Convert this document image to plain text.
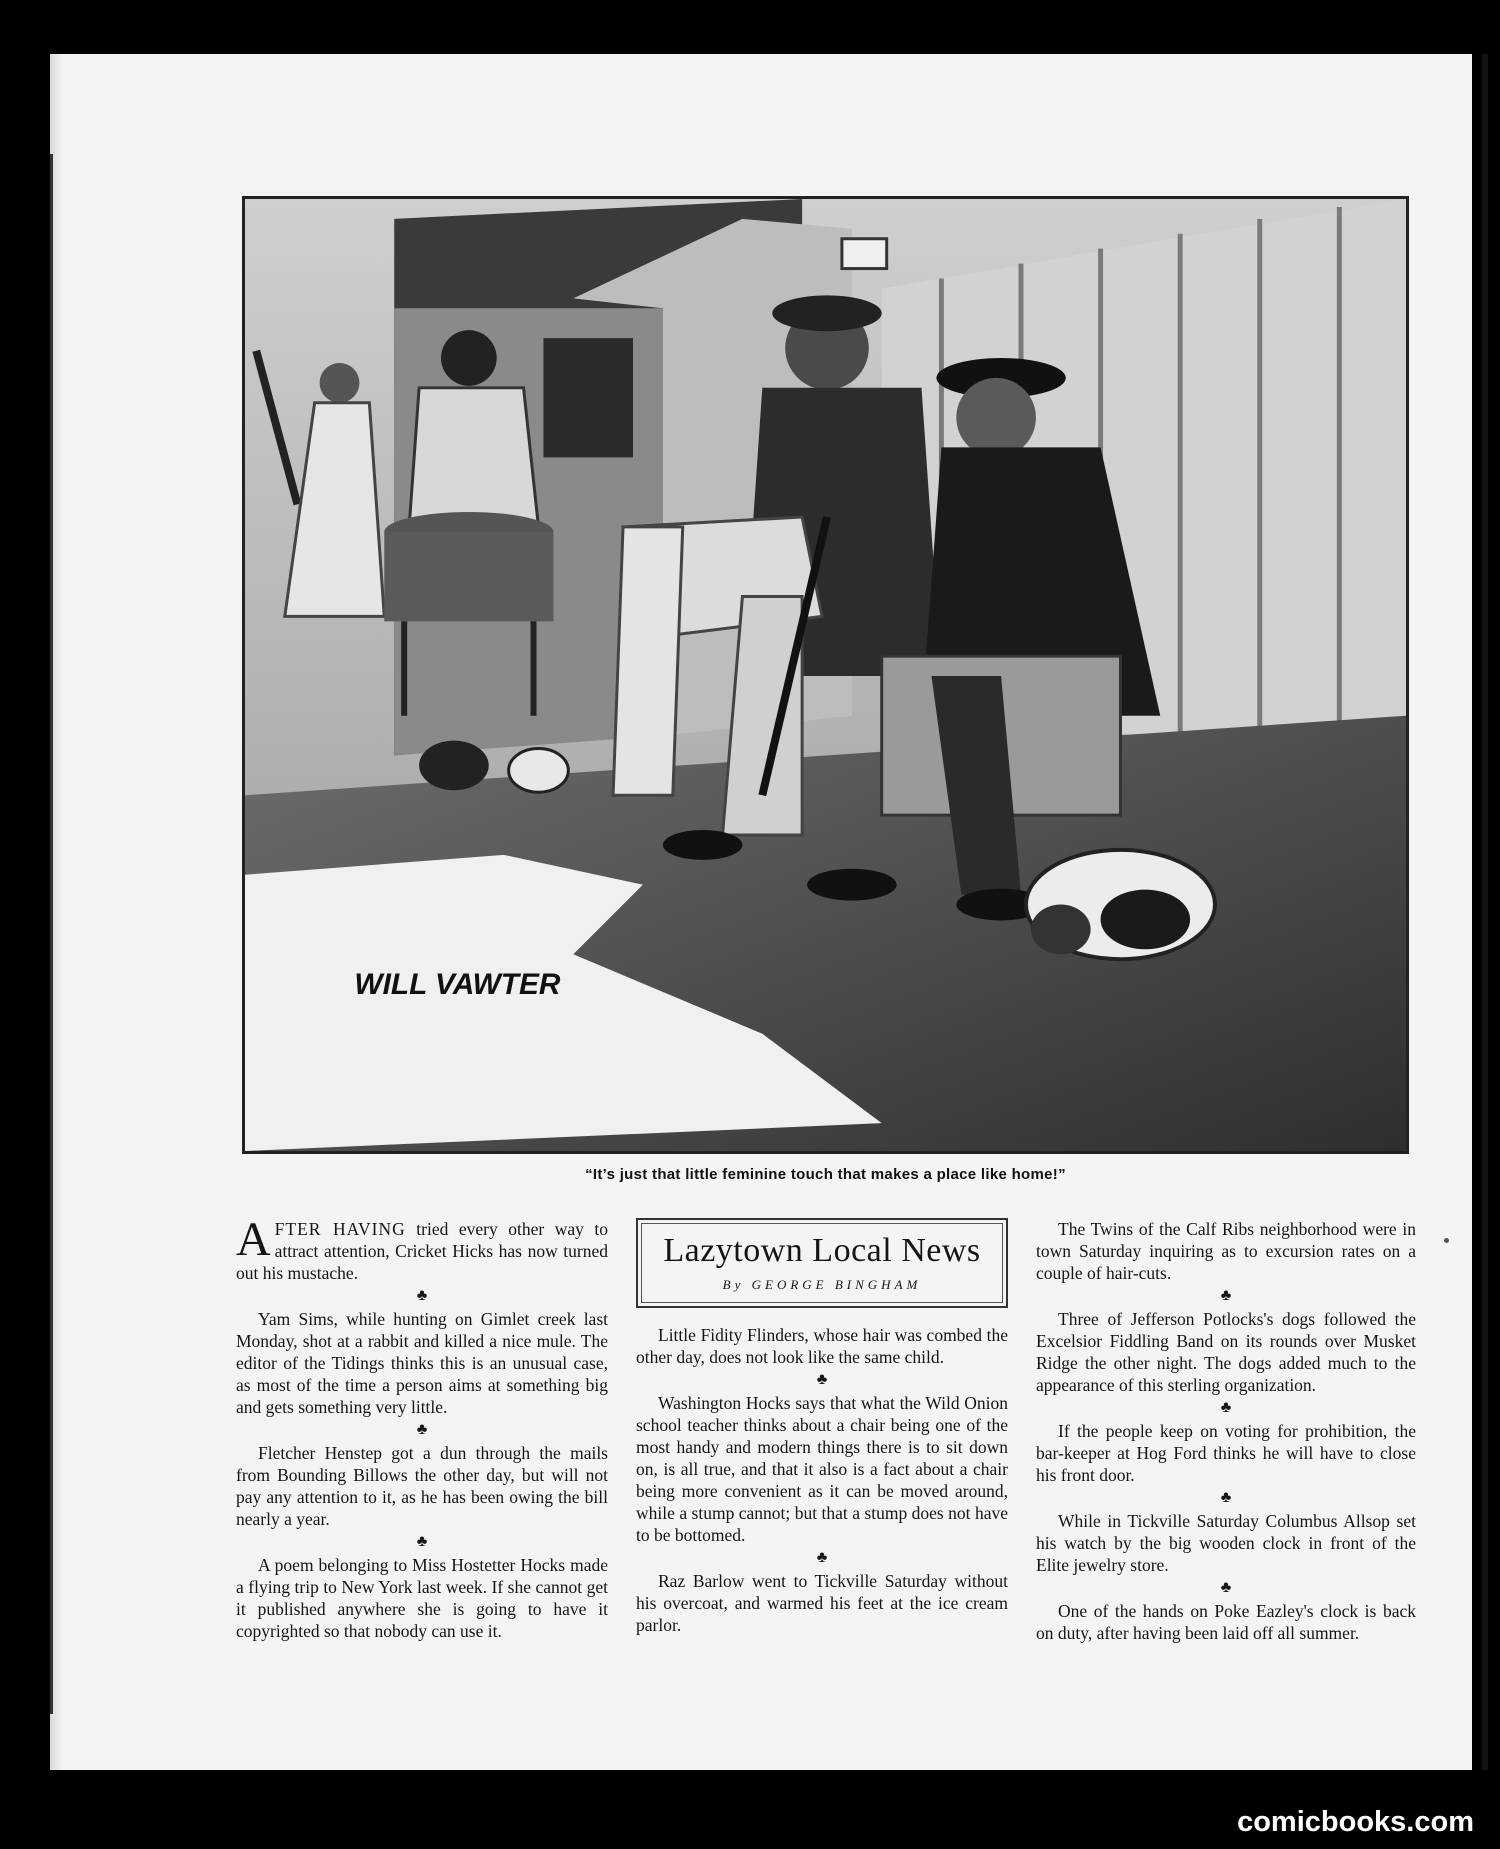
WILL VAWTER
“It’s just that little feminine touch that makes a place like home!”

AFTER HAVING tried every other way to attract attention, Cricket Hicks has now turned out his mustache.

♣

Yam Sims, while hunting on Gimlet creek last Monday, shot at a rabbit and killed a nice mule. The editor of the Tidings thinks this is an unusual case, as most of the time a person aims at something big and gets something very little.

♣

Fletcher Henstep got a dun through the mails from Bounding Billows the other day, but will not pay any attention to it, as he has been owing the bill nearly a year.

♣

A poem belonging to Miss Hostetter Hocks made a flying trip to New York last week. If she cannot get it published anywhere she is going to have it copyrighted so that nobody can use it.

Lazytown Local News
By GEORGE BINGHAM

Little Fidity Flinders, whose hair was combed the other day, does not look like the same child.

♣

Washington Hocks says that what the Wild Onion school teacher thinks about a chair being one of the most handy and modern things there is to sit down on, is all true, and that it also is a fact about a chair being more convenient as it can be moved around, while a stump cannot; but that a stump does not have to be bottomed.

♣

Raz Barlow went to Tickville Saturday without his overcoat, and warmed his feet at the ice cream parlor.

The Twins of the Calf Ribs neighborhood were in town Saturday inquiring as to excursion rates on a couple of hair-cuts.

♣

Three of Jefferson Potlocks's dogs followed the Excelsior Fiddling Band on its rounds over Musket Ridge the other night. The dogs added much to the appearance of this sterling organization.

♣

If the people keep on voting for prohibition, the bar-keeper at Hog Ford thinks he will have to close his front door.

♣

While in Tickville Saturday Columbus Allsop set his watch by the big wooden clock in front of the Elite jewelry store.

♣

One of the hands on Poke Eazley's clock is back on duty, after having been laid off all summer.

comicbooks.com
